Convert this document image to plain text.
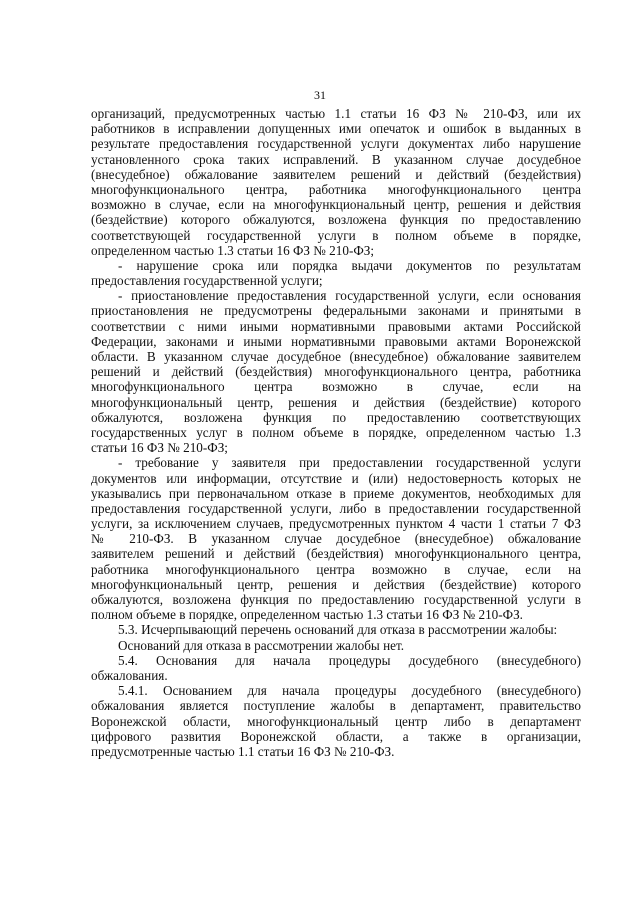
31
организаций, предусмотренных частью 1.1 статьи 16 ФЗ № 210-ФЗ, или их
работников в исправлении допущенных ими опечаток и ошибок в выданных в
результате предоставления государственной услуги документах либо нарушение
установленного срока таких исправлений. В указанном случае досудебное
(внесудебное) обжалование заявителем решений и действий (бездействия)
многофункционального центра, работника многофункционального центра
возможно в случае, если на многофункциональный центр, решения и действия
(бездействие) которого обжалуются, возложена функция по предоставлению
соответствующей государственной услуги в полном объеме в порядке,
определенном частью 1.3 статьи 16 ФЗ № 210-ФЗ;
- нарушение срока или порядка выдачи документов по результатам
предоставления государственной услуги;
- приостановление предоставления государственной услуги, если основания
приостановления не предусмотрены федеральными законами и принятыми в
соответствии с ними иными нормативными правовыми актами Российской
Федерации, законами и иными нормативными правовыми актами Воронежской
области. В указанном случае досудебное (внесудебное) обжалование заявителем
решений и действий (бездействия) многофункционального центра, работника
многофункционального центра возможно в случае, если на
многофункциональный центр, решения и действия (бездействие) которого
обжалуются, возложена функция по предоставлению соответствующих
государственных услуг в полном объеме в порядке, определенном частью 1.3
статьи 16 ФЗ № 210-ФЗ;
- требование у заявителя при предоставлении государственной услуги
документов или информации, отсутствие и (или) недостоверность которых не
указывались при первоначальном отказе в приеме документов, необходимых для
предоставления государственной услуги, либо в предоставлении государственной
услуги, за исключением случаев, предусмотренных пунктом 4 части 1 статьи 7 ФЗ
№ 210-ФЗ. В указанном случае досудебное (внесудебное) обжалование
заявителем решений и действий (бездействия) многофункционального центра,
работника многофункционального центра возможно в случае, если на
многофункциональный центр, решения и действия (бездействие) которого
обжалуются, возложена функция по предоставлению государственной услуги в
полном объеме в порядке, определенном частью 1.3 статьи 16 ФЗ № 210-ФЗ.
5.3. Исчерпывающий перечень оснований для отказа в рассмотрении жалобы:
Оснований для отказа в рассмотрении жалобы нет.
5.4. Основания для начала процедуры досудебного (внесудебного)
обжалования.
5.4.1. Основанием для начала процедуры досудебного (внесудебного)
обжалования является поступление жалобы в департамент, правительство
Воронежской области, многофункциональный центр либо в департамент
цифрового развития Воронежской области, а также в организации,
предусмотренные частью 1.1 статьи 16 ФЗ № 210-ФЗ.
